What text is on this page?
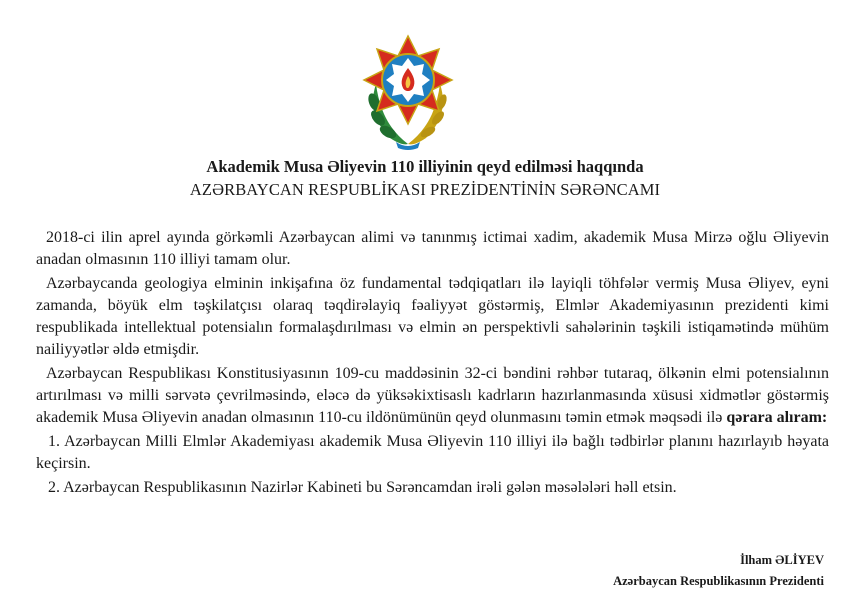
Akademik Musa Əliyevin 110 illiyinin qeyd edilməsi haqqında
AZƏRBAYCAN RESPUBLİKASI PREZİDENTİNİN SƏRƏNCAMI

2018-ci ilin aprel ayında görkəmli Azərbaycan alimi və tanınmış ictimai xadim, akademik Musa Mirzə oğlu Əliyevin anadan olmasının 110 illiyi tamam olur.

Azərbaycanda geologiya elminin inkişafına öz fundamental tədqiqatları ilə layiqli töhfələr vermiş Musa Əliyev, eyni zamanda, böyük elm təşkilatçısı olaraq təqdirəlayiq fəaliyyət göstərmiş, Elmlər Akademiyasının prezidenti kimi respublikada intellektual potensialın formalaşdırılması və elmin ən perspektivli sahələrinin təşkili istiqamətində mühüm nailiyyətlər əldə etmişdir.

Azərbaycan Respublikası Konstitusiyasının 109-cu maddəsinin 32-ci bəndini rəhbər tutaraq, ölkənin elmi potensialının artırılması və milli sərvətə çevrilməsində, eləcə də yüksəkixtisaslı kadrların hazırlanmasında xüsusi xidmətlər göstərmiş akademik Musa Əliyevin anadan olmasının 110-cu ildönümünün qeyd olunmasını təmin etmək məqsədi ilə qərara alıram:

1. Azərbaycan Milli Elmlər Akademiyası akademik Musa Əliyevin 110 illiyi ilə bağlı tədbirlər planını hazırlayıb həyata keçirsin.

2. Azərbaycan Respublikasının Nazirlər Kabineti bu Sərəncamdan irəli gələn məsələləri həll etsin.

İlham ƏLİYEV
Azərbaycan Respublikasının Prezidenti
